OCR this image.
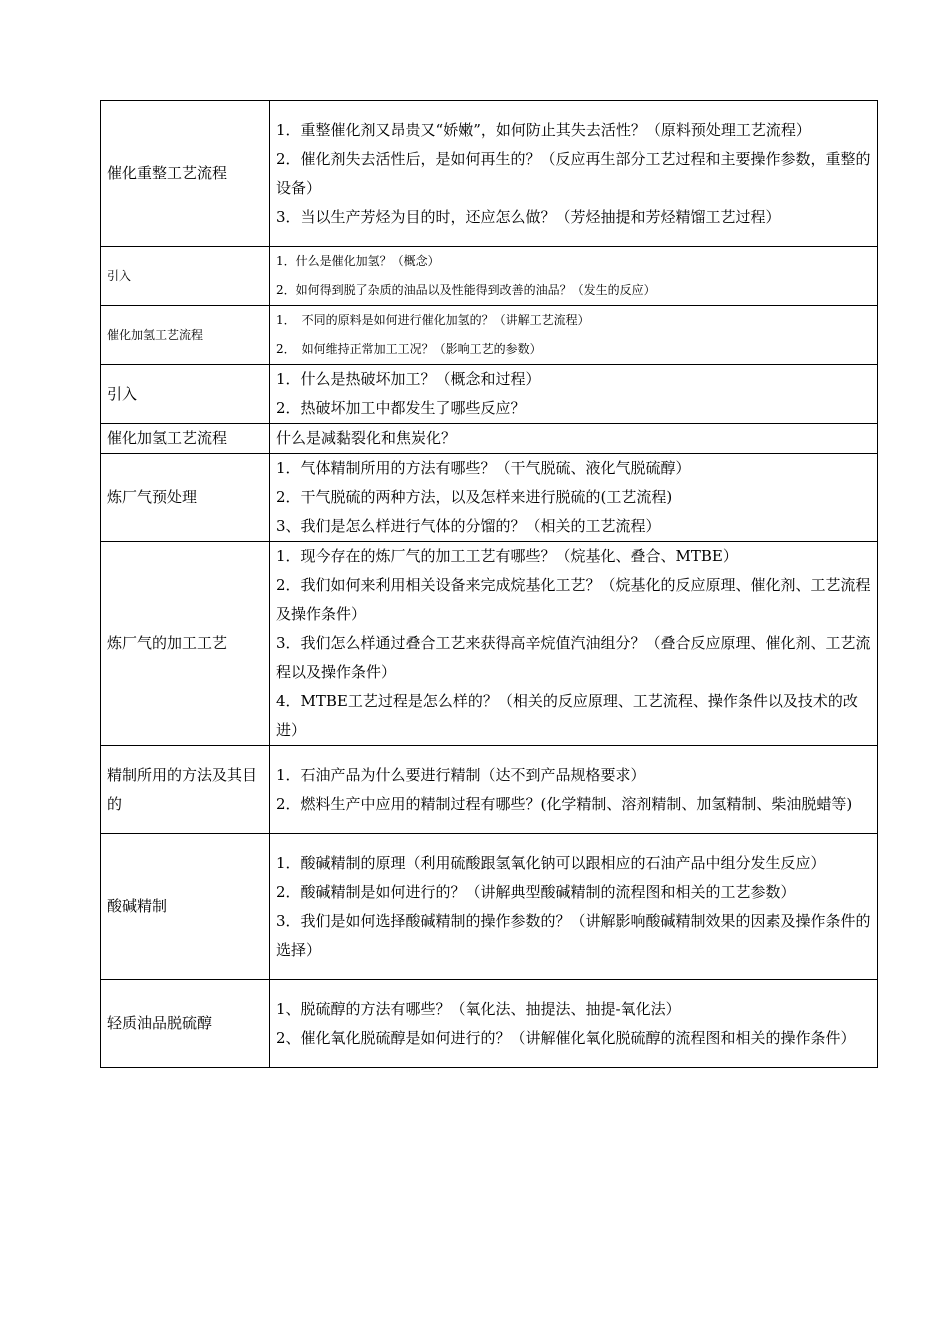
催化重整工艺流程	1．重整催化剂又昂贵又“娇嫩”，如何防止其失去活性？（原料预处理工艺流程）
2．催化剂失去活性后，是如何再生的？（反应再生部分工艺过程和主要操作参数，重整的设备）
3．当以生产芳烃为目的时，还应怎么做？（芳烃抽提和芳烃精馏工艺过程）

引入	1．什么是催化加氢？（概念）
2．如何得到脱了杂质的油品以及性能得到改善的油品？（发生的反应）

催化加氢工艺流程	1．　不同的原料是如何进行催化加氢的？（讲解工艺流程）
2．　如何维持正常加工工况？（影响工艺的参数）

引入	1．什么是热破坏加工？（概念和过程）
2．热破坏加工中都发生了哪些反应？

催化加氢工艺流程	什么是减黏裂化和焦炭化？

炼厂气预处理	1．气体精制所用的方法有哪些？（干气脱硫、液化气脱硫醇）
2．干气脱硫的两种方法，以及怎样来进行脱硫的(工艺流程)
3、我们是怎么样进行气体的分馏的？（相关的工艺流程）

炼厂气的加工工艺	1．现今存在的炼厂气的加工工艺有哪些？（烷基化、叠合、MTBE）
2．我们如何来利用相关设备来完成烷基化工艺？（烷基化的反应原理、催化剂、工艺流程及操作条件）
3．我们怎么样通过叠合工艺来获得高辛烷值汽油组分？（叠合反应原理、催化剂、工艺流程以及操作条件）
4．MTBE工艺过程是怎么样的？（相关的反应原理、工艺流程、操作条件以及技术的改进）

精制所用的方法及其目的	1．石油产品为什么要进行精制（达不到产品规格要求）
2．燃料生产中应用的精制过程有哪些？(化学精制、溶剂精制、加氢精制、柴油脱蜡等)

酸碱精制	1．酸碱精制的原理（利用硫酸跟氢氧化钠可以跟相应的石油产品中组分发生反应）
2．酸碱精制是如何进行的？（讲解典型酸碱精制的流程图和相关的工艺参数）
3．我们是如何选择酸碱精制的操作参数的？（讲解影响酸碱精制效果的因素及操作条件的选择）

轻质油品脱硫醇	1、脱硫醇的方法有哪些？（氧化法、抽提法、抽提-氧化法）
2、催化氧化脱硫醇是如何进行的？（讲解催化氧化脱硫醇的流程图和相关的操作条件）
